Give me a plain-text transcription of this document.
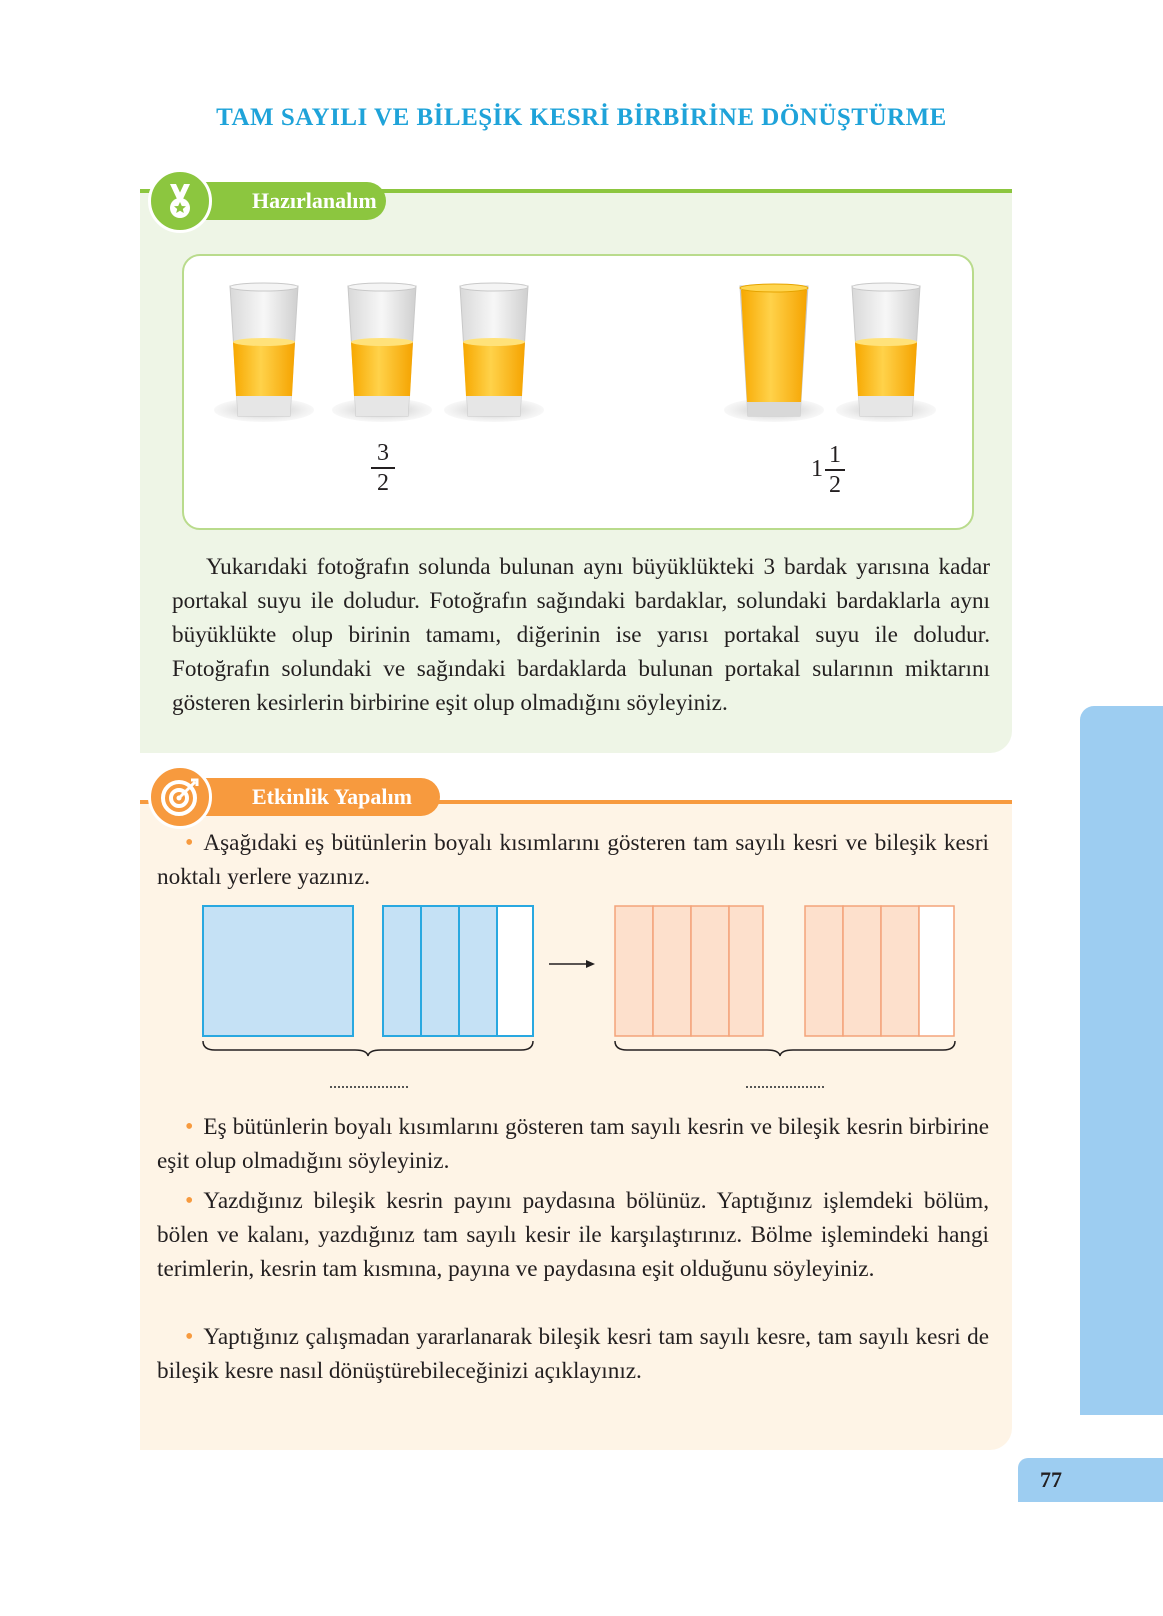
TAM SAYILI VE BİLEŞİK KESRİ BİRBİRİNE DÖNÜŞTÜRME
Hazırlanalım
3
2
1
1
2
Yukarıdaki fotoğrafın solunda bulunan aynı büyüklükteki 3 bardak yarısına kadar portakal suyu ile doludur. Fotoğrafın sağındaki bardaklar, solundaki bardaklarla aynı büyüklükte olup birinin tamamı, diğerinin ise yarısı portakal suyu ile doludur. Fotoğrafın solundaki ve sağındaki bardaklarda bulunan portakal sularının miktarını gösteren kesirlerin birbirine eşit olup olmadığını söyleyiniz.
Etkinlik Yapalım
• Aşağıdaki eş bütünlerin boyalı kısımlarını gösteren tam sayılı kesri ve bileşik kesri noktalı yerlere yazınız.
• Eş bütünlerin boyalı kısımlarını gösteren tam sayılı kesrin ve bileşik kesrin birbirine eşit olup olmadığını söyleyiniz.
• Yazdığınız bileşik kesrin payını paydasına bölünüz. Yaptığınız işlemdeki bölüm, bölen ve kalanı, yazdığınız tam sayılı kesir ile karşılaştırınız. Bölme işlemindeki hangi terimlerin, kesrin tam kısmına, payına ve paydasına eşit olduğunu söyleyiniz.
• Yaptığınız çalışmadan yararlanarak bileşik kesri tam sayılı kesre, tam sayılı kesri de bileşik kesre nasıl dönüştürebileceğinizi açıklayınız.
77
